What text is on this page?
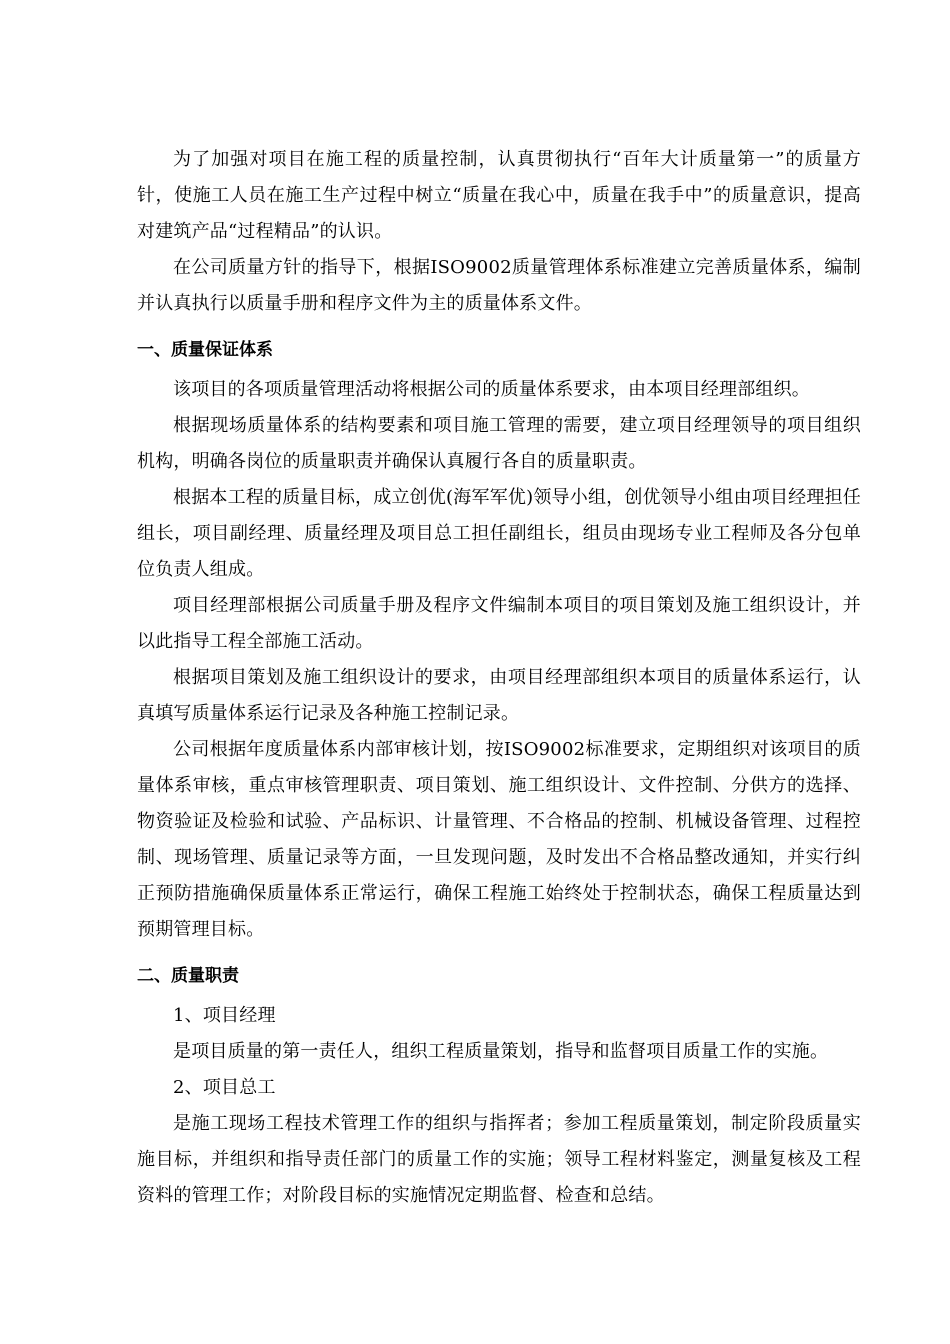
为了加强对项目在施工程的质量控制，认真贯彻执行“百年大计质量第一”的质量方针，使施工人员在施工生产过程中树立“质量在我心中，质量在我手中”的质量意识，提高对建筑产品“过程精品”的认识。

在公司质量方针的指导下，根据ISO9002质量管理体系标准建立完善质量体系，编制并认真执行以质量手册和程序文件为主的质量体系文件。

一、质量保证体系

该项目的各项质量管理活动将根据公司的质量体系要求，由本项目经理部组织。

根据现场质量体系的结构要素和项目施工管理的需要，建立项目经理领导的项目组织机构，明确各岗位的质量职责并确保认真履行各自的质量职责。

根据本工程的质量目标，成立创优(海军军优)领导小组，创优领导小组由项目经理担任组长，项目副经理、质量经理及项目总工担任副组长，组员由现场专业工程师及各分包单位负责人组成。

项目经理部根据公司质量手册及程序文件编制本项目的项目策划及施工组织设计，并以此指导工程全部施工活动。

根据项目策划及施工组织设计的要求，由项目经理部组织本项目的质量体系运行，认真填写质量体系运行记录及各种施工控制记录。

公司根据年度质量体系内部审核计划，按ISO9002标准要求，定期组织对该项目的质量体系审核，重点审核管理职责、项目策划、施工组织设计、文件控制、分供方的选择、物资验证及检验和试验、产品标识、计量管理、不合格品的控制、机械设备管理、过程控制、现场管理、质量记录等方面，一旦发现问题，及时发出不合格品整改通知，并实行纠正预防措施确保质量体系正常运行，确保工程施工始终处于控制状态，确保工程质量达到预期管理目标。

二、质量职责

1、项目经理

是项目质量的第一责任人，组织工程质量策划，指导和监督项目质量工作的实施。

2、项目总工

是施工现场工程技术管理工作的组织与指挥者；参加工程质量策划，制定阶段质量实施目标，并组织和指导责任部门的质量工作的实施；领导工程材料鉴定，测量复核及工程资料的管理工作；对阶段目标的实施情况定期监督、检查和总结。
